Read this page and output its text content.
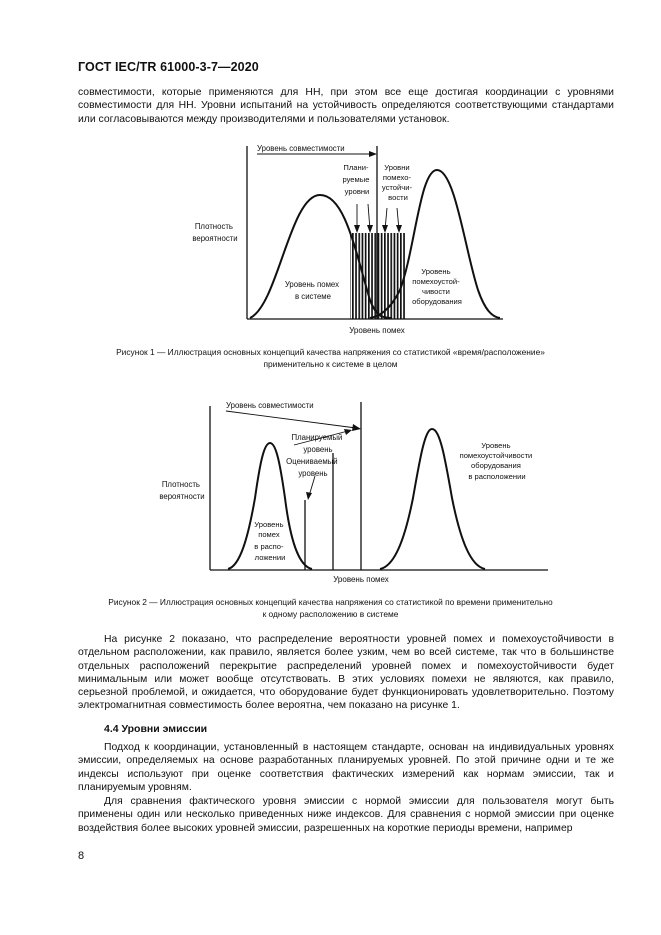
ГОСТ IEC/TR 61000-3-7—2020

совместимости, которые применяются для НН, при этом все еще достигая координации с уровнями совместимости для НН. Уровни испытаний на устойчивость определяются соответствующими стандартами или согласовываются между производителями и пользователями установок.

Уровень совместимости
Плани- руемые уровни
Уровни помехо- устойчи- вости
Плотность вероятности
Уровень помех в системе
Уровень помехоустой- чивости оборудования
Уровень помех
Рисунок 1 — Иллюстрация основных концепций качества напряжения со статистикой «время/расположение»
применительно к системе в целом
Уровень совместимости
Планируемый уровень
Оцениваемый уровень
Плотность вероятности
Уровень помех в распо- ложении
Уровень помехоустойчивости оборудования в расположении
Уровень помех
Рисунок 2 — Иллюстрация основных концепций качества напряжения со статистикой по времени применительно
к одному расположению в системе

На рисунке 2 показано, что распределение вероятности уровней помех и помехоустойчивости в отдельном расположении, как правило, является более узким, чем во всей системе, так что в большинстве отдельных расположений перекрытие распределений уровней помех и помехоустойчивости будет минимальным или может вообще отсутствовать. В этих условиях помехи не являются, как правило, серьезной проблемой, и ожидается, что оборудование будет функционировать удовлетворительно. Поэтому электромагнитная совместимость более вероятна, чем показано на рисунке 1.

4.4 Уровни эмиссии

Подход к координации, установленный в настоящем стандарте, основан на индивидуальных уровнях эмиссии, определяемых на основе разработанных планируемых уровней. По этой причине одни и те же индексы используют при оценке соответствия фактических измерений как нормам эмиссии, так и планируемым уровням.

Для сравнения фактического уровня эмиссии с нормой эмиссии для пользователя могут быть применены один или несколько приведенных ниже индексов. Для сравнения с нормой эмиссии при оценке воздействия более высоких уровней эмиссии, разрешенных на короткие периоды времени, например

8
